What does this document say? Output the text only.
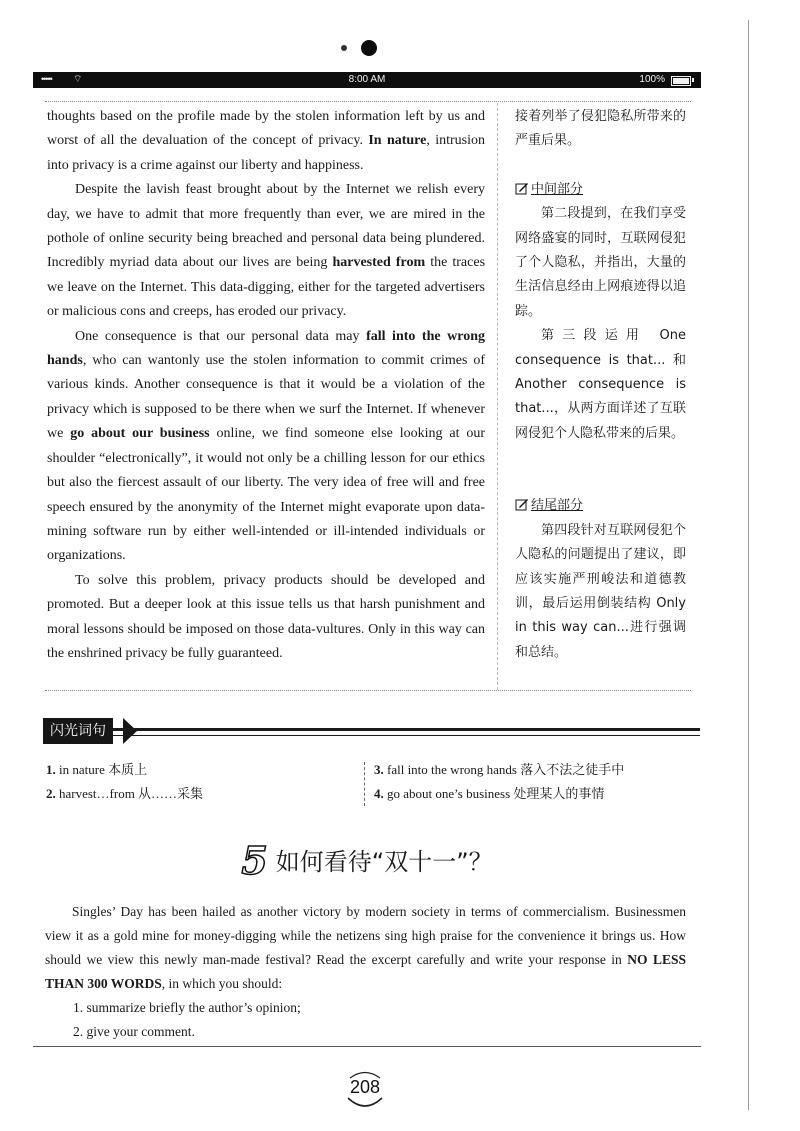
••••• ⌔	8:00 AM	100%

thoughts based on the profile made by the stolen information left by us and worst of all the devaluation of the concept of privacy. In nature, intrusion into privacy is a crime against our liberty and happiness.

Despite the lavish feast brought about by the Internet we relish every day, we have to admit that more frequently than ever, we are mired in the pothole of online security being breached and personal data being plundered. Incredibly myriad data about our lives are being harvested from the traces we leave on the Internet. This data-digging, either for the targeted advertisers or malicious cons and creeps, has eroded our privacy.

One consequence is that our personal data may fall into the wrong hands, who can wantonly use the stolen information to commit crimes of various kinds. Another consequence is that it would be a violation of the privacy which is supposed to be there when we surf the Internet. If whenever we go about our business online, we find someone else looking at our shoulder “electronically”, it would not only be a chilling lesson for our ethics but also the fiercest assault of our liberty. The very idea of free will and free speech ensured by the anonymity of the Internet might evaporate upon data-mining software run by either well-intended or ill-intended individuals or organizations.

To solve this problem, privacy products should be developed and promoted. But a deeper look at this issue tells us that harsh punishment and moral lessons should be imposed on those data-vultures. Only in this way can the enshrined privacy be fully guaranteed.

接着列举了侵犯隐私所带来的严重后果。

中间部分

第二段提到，在我们享受网络盛宴的同时，互联网侵犯了个人隐私，并指出，大量的生活信息经由上网痕迹得以追踪。

第三段运用 One consequence is that... 和 Another consequence is that...，从两方面详述了互联网侵犯个人隐私带来的后果。

结尾部分

第四段针对互联网侵犯个人隐私的问题提出了建议，即应该实施严刑峻法和道德教训，最后运用倒装结构 Only in this way can...进行强调和总结。

闪光词句
1. in nature 本质上
2. harvest…from 从……采集
3. fall into the wrong hands 落入不法之徒手中
4. go about one’s business 处理某人的事情
5 如何看待“双十一”？

Singles’ Day has been hailed as another victory by modern society in terms of commercialism. Businessmen view it as a gold mine for money-digging while the netizens sing high praise for the convenience it brings us. How should we view this newly man-made festival? Read the excerpt carefully and write your response in NO LESS THAN 300 WORDS, in which you should:

1. summarize briefly the author’s opinion;
2. give your comment.
208
